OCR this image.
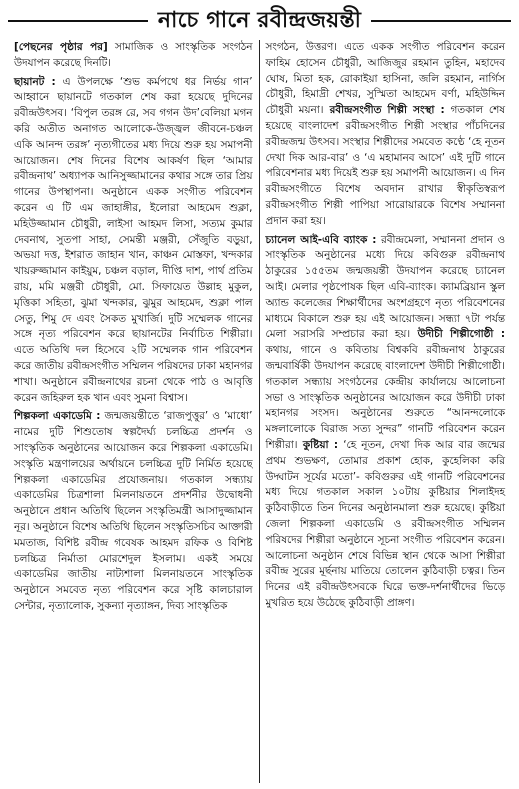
নাচে গানে রবীন্দ্রজয়ন্তী

[পেছনের পৃষ্ঠার পর] সামাজিক ও সাংস্কৃতিক সংগঠন উদযাপন করেছে দিনটি।

ছায়ানট : এ উপলক্ষে ‘শুভ কর্মপথে ধর নির্ভয় গান’ আহ্বানে ছায়ানটে গতকাল শেষ করা হয়েছে দুদিনের রবীন্দ্রউৎসব। ‘বিপুল তরঙ্গ রে, সব গগন উদ’বেলিয়া মগন করি অতীত অনাগত আলোকে-উজ্জ্বল জীবনে-চঞ্চল একি আনন্দ তরঙ্গ’ নৃত্যগীতের মধ্য দিয়ে শুরু হয় সমাপনী আয়োজন। শেষ দিনের বিশেষ আকর্ষণ ছিল ‘আমার রবীন্দ্রনাথ’ অধ্যাপক আনিসুজ্জামানের কথার সঙ্গে তার প্রিয় গানের উপস্থাপনা। অনুষ্ঠানে একক সংগীত পরিবেশন করেন এ টি এম জাহাঙ্গীর, ইলোরা আহমেদ শুক্লা, মহিউজ্জামান চৌধুরী, লাইসা আহমদ লিসা, সত্যম কুমার দেবনাথ, সুতপা সাহা, সেমন্তী মঞ্জরী, সেঁজুতি বড়ুয়া, অভয়া দত্ত, ইশরাত জাহান খান, কাঞ্চন মোস্তফা, খন্দকার খায়রুজ্জামান কাইয়ুম, চঞ্চল বড়াল, দীপ্তি দাশ, পার্থ প্রতিম রায়, মমি মঞ্জরী চৌধুরী, মো. সিফায়েত উল্লাহ মুকুল, মৃত্তিকা সহিতা, ঝুমা খন্দকার, ঝুমুর আহমেদ, শুক্লা পাল সেতু, শিমু দে এবং সৈকত মুখার্জি। দুটি সম্মেলক গানের সঙ্গে নৃত্য পরিবেশন করে ছায়ানটের নির্বাচিত শিল্পীরা। এতে অতিথি দল হিসেবে ২টি সম্মেলক গান পরিবেশন করে জাতীয় রবীন্দ্রসংগীত সম্মিলন পরিষদের ঢাকা মহানগর শাখা। অনুষ্ঠানে রবীন্দ্রনাথের রচনা থেকে পাঠ ও আবৃত্তি করেন জহিরুল হক খান এবং সুমনা বিশ্বাস।

শিল্পকলা একাডেমি : জন্মজয়ন্তীতে ‘রাজপুত্তুর’ ও ‘মাধো’ নামের দুটি শিশুতোষ স্বল্পদৈর্ঘ্য চলচ্চিত্র প্রদর্শন ও সাংস্কৃতিক অনুষ্ঠানের আয়োজন করে শিল্পকলা একাডেমি। সংস্কৃতি মন্ত্রণালয়ের অর্থায়নে চলচ্চিত্র দুটি নির্মিত হয়েছে শিল্পকলা একাডেমির প্রযোজনায়। গতকাল সন্ধ্যায় একাডেমির চিত্রশালা মিলনায়তনে প্রদর্শনীর উদ্বোধনী অনুষ্ঠানে প্রধান অতিথি ছিলেন সংস্কৃতিমন্ত্রী আসাদুজ্জামান নূর। অনুষ্ঠানে বিশেষ অতিথি ছিলেন সংস্কৃতিসচিব আক্তারী মমতাজ, বিশিষ্ট রবীন্দ্র গবেষক আহমদ রফিক ও বিশিষ্ট চলচ্চিত্র নির্মাতা মোরশেদুল ইসলাম। একই সময়ে একাডেমির জাতীয় নাট্যশালা মিলনায়তনে সাংস্কৃতিক অনুষ্ঠানে সমবেত নৃত্য পরিবেশন করে সৃষ্টি কালচারাল সেন্টার, নৃত্যালোক, সুকন্যা নৃত্যাঙ্গন, দিব্য সাংস্কৃতিক

সংগঠন, উত্তরণ। এতে একক সংগীত পরিবেশন করেন ফাহিম হোসেন চৌধুরী, আজিজুর রহমান তুহিন, মহাদেব ঘোষ, মিতা হক, রোকাইয়া হাসিনা, জলি রহমান, নার্গিস চৌধুরী, হিমাদ্রী শেখর, সুস্মিতা আহমেদ বর্ণা, মহিউদ্দিন চৌধুরী ময়না। রবীন্দ্রসংগীত শিল্পী সংস্থা : গতকাল শেষ হয়েছে বাংলাদেশ রবীন্দ্রসংগীত শিল্পী সংস্থার পাঁচদিনের রবীন্দ্রজন্ম উৎসব। সংস্থার শিল্পীদের সমবেত কণ্ঠে ‘হে নূতন দেখা দিক আর-বার’ ও ‘এ মহামানব আসে’ এই দুটি গানে পরিবেশনার মধ্য দিয়েই শুরু হয় সমাপনী আয়োজন। এ দিন রবীন্দ্রসংগীতে বিশেষ অবদান রাখার স্বীকৃতিস্বরূপ রবীন্দ্রসংগীত শিল্পী পাপিয়া সারোয়ারকে বিশেষ সম্মাননা প্রদান করা হয়।

চ্যানেল আই-এবি ব্যাংক : রবীন্দ্রমেলা, সম্মাননা প্রদান ও সাংস্কৃতিক অনুষ্ঠানের মধ্যে দিয়ে কবিগুরু রবীন্দ্রনাথ ঠাকুরের ১৫৫তম জন্মজয়ন্তী উদযাপন করেছে চ্যানেল আই। মেলার পৃষ্ঠপোষক ছিল এবি-ব্যাংক। ক্যামব্রিয়ান স্কুল অ্যান্ড কলেজের শিক্ষার্থীদের অংশগ্রহণে নৃত্য পরিবেশনের মাধ্যমে বিকালে শুরু হয় এই আয়োজন। সন্ধ্যা ৭টা পর্যন্ত মেলা সরাসরি সম্প্রচার করা হয়। উদীচী শিল্পীগোষ্ঠী : কথায়, গানে ও কবিতায় বিশ্বকবি রবীন্দ্রনাথ ঠাকুরের জন্মবার্ষিকী উদযাপন করেছে বাংলাদেশ উদীচী শিল্পীগোষ্ঠী। গতকাল সন্ধ্যায় সংগঠনের কেন্দ্রীয় কার্যালয়ে আলোচনা সভা ও সাংস্কৃতিক অনুষ্ঠানের আয়োজন করে উদীচী ঢাকা মহানগর সংসদ। অনুষ্ঠানের শুরুতে “আনন্দলোকে মঙ্গলালোকে বিরাজ সত্য সুন্দর” গানটি পরিবেশন করেন শিল্পীরা। কুষ্টিয়া : ‘হে নূতন, দেখা দিক আর বার জন্মের প্রথম শুভক্ষণ, তোমার প্রকাশ হোক, কুহেলিকা করি উদ্ঘাটন সূর্যের মতো’- কবিগুরুর এই গানটি পরিবেশনের মধ্য দিয়ে গতকাল সকাল ১০টায় কুষ্টিয়ার শিলাইদহ কুঠিবাড়ীতে তিন দিনের অনুষ্ঠানমালা শুরু হয়েছে। কুষ্টিয়া জেলা শিল্পকলা একাডেমি ও রবীন্দ্রসংগীত সম্মিলন পরিষদের শিল্পীরা অনুষ্ঠানে সূচনা সংগীত পরিবেশন করেন। আলোচনা অনুষ্ঠান শেষে বিভিন্ন স্থান থেকে আসা শিল্পীরা রবীন্দ্র সুরের মূর্ছনায় মাতিয়ে তোলেন কুঠিবাড়ী চত্বর। তিন দিনের এই রবীন্দ্রউৎসবকে ঘিরে ভক্ত-দর্শনার্থীদের ভিড়ে মুখরিত হয়ে উঠেছে কুঠিবাড়ী প্রাঙ্গণ।
